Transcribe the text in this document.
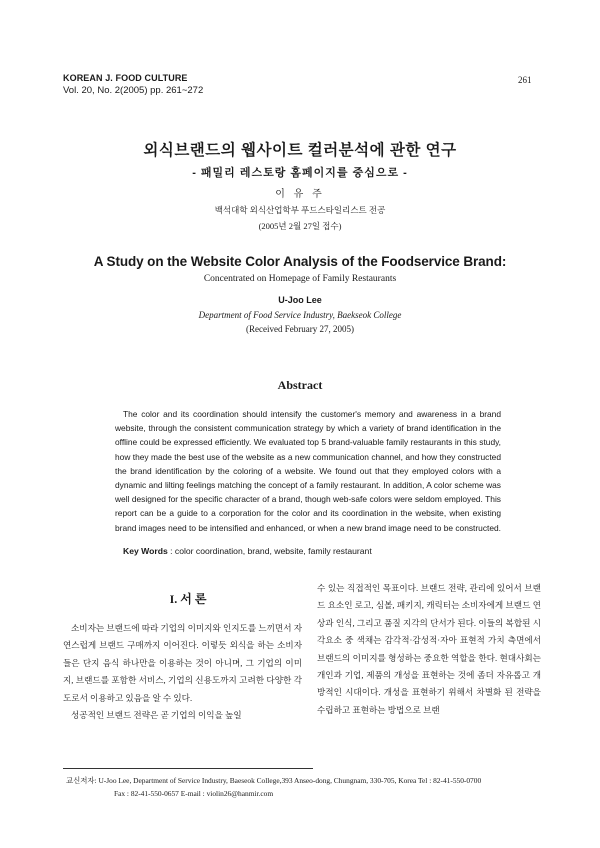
KOREAN J. FOOD CULTURE
Vol. 20, No. 2(2005) pp. 261~272
261
외식브랜드의 웹사이트 컬러분석에 관한 연구
- 패밀리 레스토랑 홈페이지를 중심으로 -
이 유 주
백석대학 외식산업학부 푸드스타일리스트 전공
(2005년 2월 27일 접수)
A Study on the Website Color Analysis of the Foodservice Brand:
Concentrated on Homepage of Family Restaurants
U-Joo Lee
Department of Food Service Industry, Baekseok College
(Received February 27, 2005)
Abstract
The color and its coordination should intensify the customer's memory and awareness in a brand website, through the consistent communication strategy by which a variety of brand identification in the offline could be expressed efficiently. We evaluated top 5 brand-valuable family restaurants in this study, how they made the best use of the website as a new communication channel, and how they constructed the brand identification by the coloring of a website. We found out that they employed colors with a dynamic and lilting feelings matching the concept of a family restaurant. In addition, A color scheme was well designed for the specific character of a brand, though web-safe colors were seldom employed. This report can be a guide to a corporation for the color and its coordination in the website, when existing brand images need to be intensified and enhanced, or when a new brand image need to be constructed.
Key Words : color coordination, brand, website, family restaurant
I. 서 론

소비자는 브랜드에 따라 기업의 이미지와 인지도를 느끼면서 자연스럽게 브랜드 구매까지 이어진다. 이렇듯 외식을 하는 소비자들은 단지 음식 하나만을 이용하는 것이 아니며, 그 기업의 이미지, 브랜드를 포함한 서비스, 기업의 신용도까지 고려한 다양한 각도로서 이용하고 있음을 알 수 있다.

성공적인 브랜드 전략은 곧 기업의 이익을 높일

수 있는 직접적인 목표이다. 브랜드 전략, 관리에 있어서 브랜드 요소인 로고, 심볼, 패키지, 캐릭터는 소비자에게 브랜드 연상과 인식, 그리고 품질 지각의 단서가 된다. 이들의 복합된 시각요소 중 색채는 감각적·감성적·자아 표현적 가치 측면에서 브랜드의 이미지를 형성하는 중요한 역할을 한다. 현대사회는 개인과 기업, 제품의 개성을 표현하는 것에 좀더 자유롭고 개방적인 시대이다. 개성을 표현하기 위해서 차별화 된 전략을 수립하고 표현하는 방법으로 브랜

교신저자: U-Joo Lee, Department of Service Industry, Baeseok College,393 Anseo-dong, Chungnam, 330-705, Korea Tel : 82-41-550-0700
Fax : 82-41-550-0657 E-mail : violin26@hanmir.com
